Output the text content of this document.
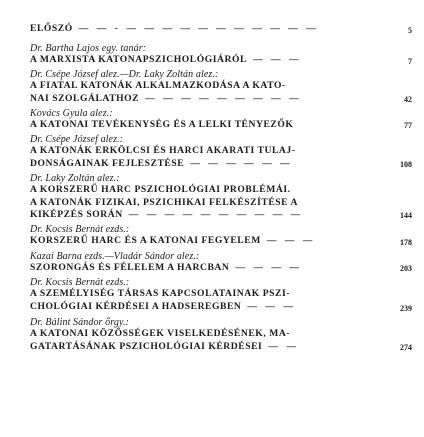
ELŐSZÓ — — - — — — — — — — — — — —	5
Dr. Bartha Lajos egy. tanár:
A MARXISTA KATONAPSZICHOLÓGIÁRÓL — — —	7
Dr. Csépe József alez.—Dr. Laky Zoltán alez.:
A FIATAL KATONÁK ALKALMAZKODÁSA A KATO-
NAI SZOLGÁLATHOZ — — — — — — — — —	42
Kovács Gyula alez.:
A KATONAI TEVÉKENYSÉG ÉS A LELKI TÉNYEZŐK	77
Dr. Csépe József alez.:
A KATONÁK ERKÖLCSI ÉS HARCI AKARATI TULAJ-
DONSÁGAINAK FEJLESZTÉSE — — — — — —	108
Dr. Laky Zoltán alez.:
A KORSZERŰ HARC PSZICHOLÓGIAI PROBLÉMÁI.
A KATONÁK FIZIKAI, PSZICHIKAI FELKÉSZÍTÉSE A
KIKÉPZÉS SORÁN — — — — — — — — — —	144
Dr. Kocsis Bernát ezds.:
KORSZERŰ HARC ÉS A KATONAI FEGYELEM — — —	178
Kazai Barna ezds.—Vladár Sándor alez.:
SZORONGÁS ÉS FÉLELEM A HARCBAN — — — —	203
Dr. Kocsis Bernát ezds.:
A SZEMÉLYISÉG TÁRSAS KAPCSOLATAINAK PSZI-
CHOLÓGIAI KÉRDÉSEI A HADSEREGBEN — — —	239
Dr. Bálint Sándor őrgy.:
A KATONAI KÖZÖSSÉGEK VISELKEDÉSÉNEK, MA-
GATARTÁSÁNAK PSZICHOLÓGIAI KÉRDÉSEI — —	274
